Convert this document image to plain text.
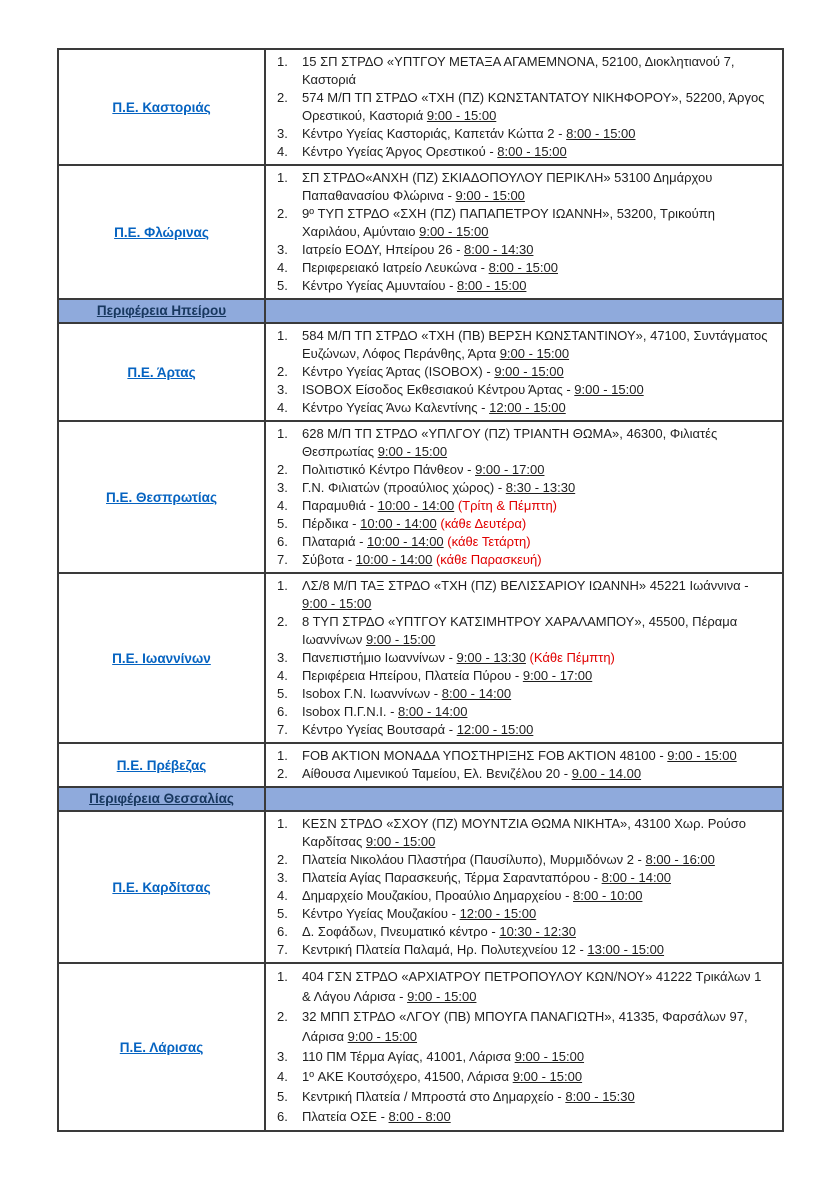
Π.Ε. Καστοριάς
15 ΣΠ ΣΤΡΔΟ «ΥΠΤΓΟΥ ΜΕΤΑΞΑ ΑΓΑΜΕΜΝΟΝΑ, 52100, Διοκλητιανού 7, Καστοριά
574 Μ/Π ΤΠ ΣΤΡΔΟ «ΤΧΗ (ΠΖ) ΚΩΝΣΤΑΝΤΑΤΟΥ ΝΙΚΗΦΟΡΟΥ», 52200, Άργος Ορεστικού, Καστοριά 9:00 - 15:00
Κέντρο Υγείας Καστοριάς, Καπετάν Κώττα 2 - 8:00 - 15:00
Κέντρο Υγείας Άργος Ορεστικού - 8:00 - 15:00
Π.Ε. Φλώρινας
ΣΠ ΣΤΡΔΟ«ΑΝΧΗ (ΠΖ) ΣΚΙΑΔΟΠΟΥΛΟΥ ΠΕΡΙΚΛΗ» 53100 Δημάρχου Παπαθανασίου Φλώρινα - 9:00 - 15:00
9º ΤΥΠ ΣΤΡΔΟ «ΣΧΗ (ΠΖ) ΠΑΠΑΠΕΤΡΟΥ ΙΩΑΝΝΗ», 53200, Τρικούπη Χαριλάου, Αμύνταιο 9:00 - 15:00
Ιατρείο ΕΟΔΥ, Ηπείρου 26 - 8:00 - 14:30
Περιφερειακό Ιατρείο Λευκώνα - 8:00 - 15:00
Κέντρο Υγείας Αμυνταίου - 8:00 - 15:00
Περιφέρεια Ηπείρου
Π.Ε. Άρτας
584 Μ/Π ΤΠ ΣΤΡΔΟ «ΤΧΗ (ΠΒ) ΒΕΡΣΗ ΚΩΝΣΤΑΝΤΙΝΟΥ», 47100, Συντάγματος Ευζώνων, Λόφος Περάνθης, Άρτα 9:00 - 15:00
Κέντρο Υγείας Άρτας (ISOBOX) - 9:00 - 15:00
ISOBOX Είσοδος Εκθεσιακού Κέντρου Άρτας - 9:00 - 15:00
Κέντρο Υγείας Άνω Καλεντίνης - 12:00 - 15:00
Π.Ε. Θεσπρωτίας
628 Μ/Π ΤΠ ΣΤΡΔΟ «ΥΠΛΓΟΥ (ΠΖ) ΤΡΙΑΝΤΗ ΘΩΜΑ», 46300, Φιλιατές Θεσπρωτίας 9:00 - 15:00
Πολιτιστικό Κέντρο Πάνθεον - 9:00 - 17:00
Γ.Ν. Φιλιατών (προαύλιος χώρος) - 8:30 - 13:30
Παραμυθιά - 10:00 - 14:00 (Τρίτη & Πέμπτη)
Πέρδικα - 10:00 - 14:00 (κάθε Δευτέρα)
Πλαταριά - 10:00 - 14:00 (κάθε Τετάρτη)
Σύβοτα - 10:00 - 14:00 (κάθε Παρασκευή)
Π.Ε. Ιωαννίνων
ΛΣ/8 Μ/Π ΤΑΞ ΣΤΡΔΟ «ΤΧΗ (ΠΖ) ΒΕΛΙΣΣΑΡΙΟΥ ΙΩΑΝΝΗ» 45221 Ιωάννινα - 9:00 - 15:00
8 ΤΥΠ ΣΤΡΔΟ «ΥΠΤΓΟΥ ΚΑΤΣΙΜΗΤΡΟΥ ΧΑΡΑΛΑΜΠΟΥ», 45500, Πέραμα Ιωαννίνων 9:00 - 15:00
Πανεπιστήμιο Ιωαννίνων - 9:00 - 13:30 (Κάθε Πέμπτη)
Περιφέρεια Ηπείρου, Πλατεία Πύρου - 9:00 - 17:00
Isobox Γ.Ν. Ιωαννίνων - 8:00 - 14:00
Isobox Π.Γ.Ν.Ι. - 8:00 - 14:00
Κέντρο Υγείας Βουτσαρά - 12:00 - 15:00
Π.Ε. Πρέβεζας
FOB AKTION ΜΟΝΑΔΑ ΥΠΟΣΤΗΡΙΞΗΣ FOB AKTION 48100 - 9:00 - 15:00
Αίθουσα Λιμενικού Ταμείου, Ελ. Βενιζέλου 20 - 9.00 - 14.00
Περιφέρεια Θεσσαλίας
Π.Ε. Καρδίτσας
ΚΕΣΝ ΣΤΡΔΟ «ΣΧΟΥ (ΠΖ) ΜΟΥΝΤΖΙΑ ΘΩΜΑ ΝΙΚΗΤΑ», 43100 Χωρ. Ρούσο Καρδίτσας 9:00 - 15:00
Πλατεία Νικολάου Πλαστήρα (Παυσίλυπο), Μυρμιδόνων 2 - 8:00 - 16:00
Πλατεία Αγίας Παρασκευής, Τέρμα Σαρανταπόρου - 8:00 - 14:00
Δημαρχείο Μουζακίου, Προαύλιο Δημαρχείου - 8:00 - 10:00
Κέντρο Υγείας Μουζακίου - 12:00 - 15:00
Δ. Σοφάδων, Πνευματικό κέντρο - 10:30 - 12:30
Κεντρική Πλατεία Παλαμά, Ηρ. Πολυτεχνείου 12 - 13:00 - 15:00
Π.Ε. Λάρισας
404 ΓΣΝ ΣΤΡΔΟ «ΑΡΧΙΑΤΡΟΥ ΠΕΤΡΟΠΟΥΛΟΥ ΚΩΝ/ΝΟΥ» 41222 Τρικάλων 1 & Λάγου Λάρισα - 9:00 - 15:00
32 ΜΠΠ ΣΤΡΔΟ «ΛΓΟΥ (ΠΒ) ΜΠΟΥΓΑ ΠΑΝΑΓΙΩΤΗ», 41335, Φαρσάλων 97, Λάρισα 9:00 - 15:00
110 ΠΜ Τέρμα Αγίας, 41001, Λάρισα 9:00 - 15:00
1º ΑΚΕ Κουτσόχερο, 41500, Λάρισα 9:00 - 15:00
Κεντρική Πλατεία / Μπροστά στο Δημαρχείο - 8:00 - 15:30
Πλατεία ΟΣΕ - 8:00 - 8:00
